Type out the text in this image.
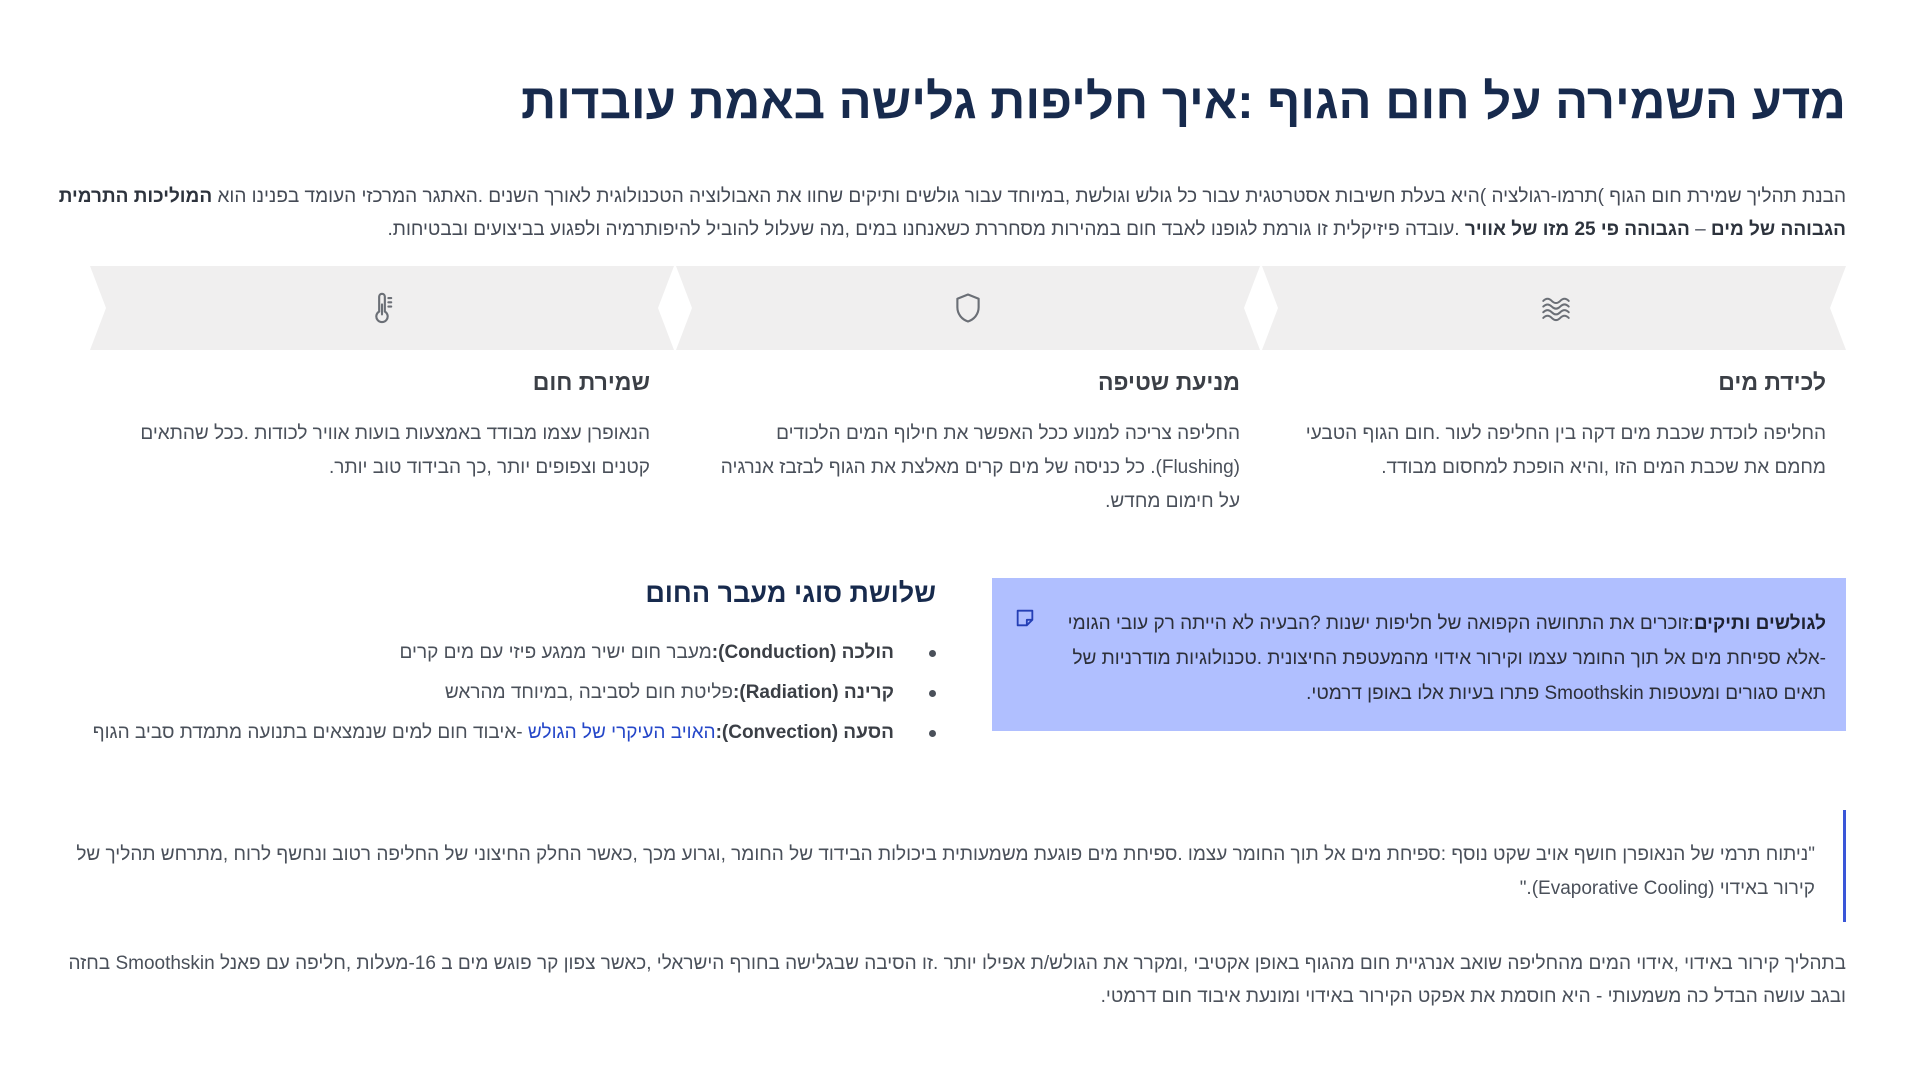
מדע השמירה על חום הגוף :איך חליפות גלישה באמת עובדות
הבנת תהליך שמירת חום הגוף )תרמו-רגולציה )היא בעלת חשיבות אסטרטגית עבור כל גולש וגולשת ,במיוחד עבור גולשים ותיקים שחוו את האבולוציה הטכנולוגית לאורך השנים .האתגר המרכזי העומד בפנינו הוא המוליכות התרמית הגבוהה של מים – הגבוהה פי 25 מזו של אוויר .עובדה פיזיקלית זו גורמת לגופנו לאבד חום במהירות מסחררת כשאנחנו במים ,מה שעלול להוביל להיפותרמיה ולפגוע בביצועים ובבטיחות.
לכידת מים
החליפה לוכדת שכבת מים דקה בין החליפה לעור .חום הגוף הטבעי מחמם את שכבת המים הזו ,והיא הופכת למחסום מבודד.
מניעת שטיפה
החליפה צריכה למנוע ככל האפשר את חילוף המים הלכודים (Flushing). כל כניסה של מים קרים מאלצת את הגוף לבזבז אנרגיה על חימום מחדש.
שמירת חום
הנאופרן עצמו מבודד באמצעות בועות אוויר לכודות .ככל שהתאים קטנים וצפופים יותר ,כך הבידוד טוב יותר.
לגולשים ותיקים:זוכרים את התחושה הקפואה של חליפות ישנות ?הבעיה לא הייתה רק עובי הגומי -אלא ספיחת מים אל תוך החומר עצמו וקירור אידוי מהמעטפת החיצונית .טכנולוגיות מודרניות של תאים סגורים ומעטפות Smoothskin פתרו בעיות אלו באופן דרמטי.
שלושת סוגי מעבר החום
הולכה (Conduction):מעבר חום ישיר ממגע פיזי עם מים קרים
קרינה (Radiation):פליטת חום לסביבה ,במיוחד מהראש
הסעה (Convection):האויב העיקרי של הגולש -איבוד חום למים שנמצאים בתנועה מתמדת סביב הגוף
"ניתוח תרמי של הנאופרן חושף אויב שקט נוסף :ספיחת מים אל תוך החומר עצמו .ספיחת מים פוגעת משמעותית ביכולות הבידוד של החומר ,וגרוע מכך ,כאשר החלק החיצוני של החליפה רטוב ונחשף לרוח ,מתרחש תהליך של קירור באידוי (Evaporative Cooling)."
בתהליך קירור באידוי ,אידוי המים מהחליפה שואב אנרגיית חום מהגוף באופן אקטיבי ,ומקרר את הגולש/ת אפילו יותר .זו הסיבה שבגלישה בחורף הישראלי ,כאשר צפון קר פוגש מים ב 16-מעלות ,חליפה עם פאנל Smoothskin בחזה ובגב עושה הבדל כה משמעותי - היא חוסמת את אפקט הקירור באידוי ומונעת איבוד חום דרמטי.
